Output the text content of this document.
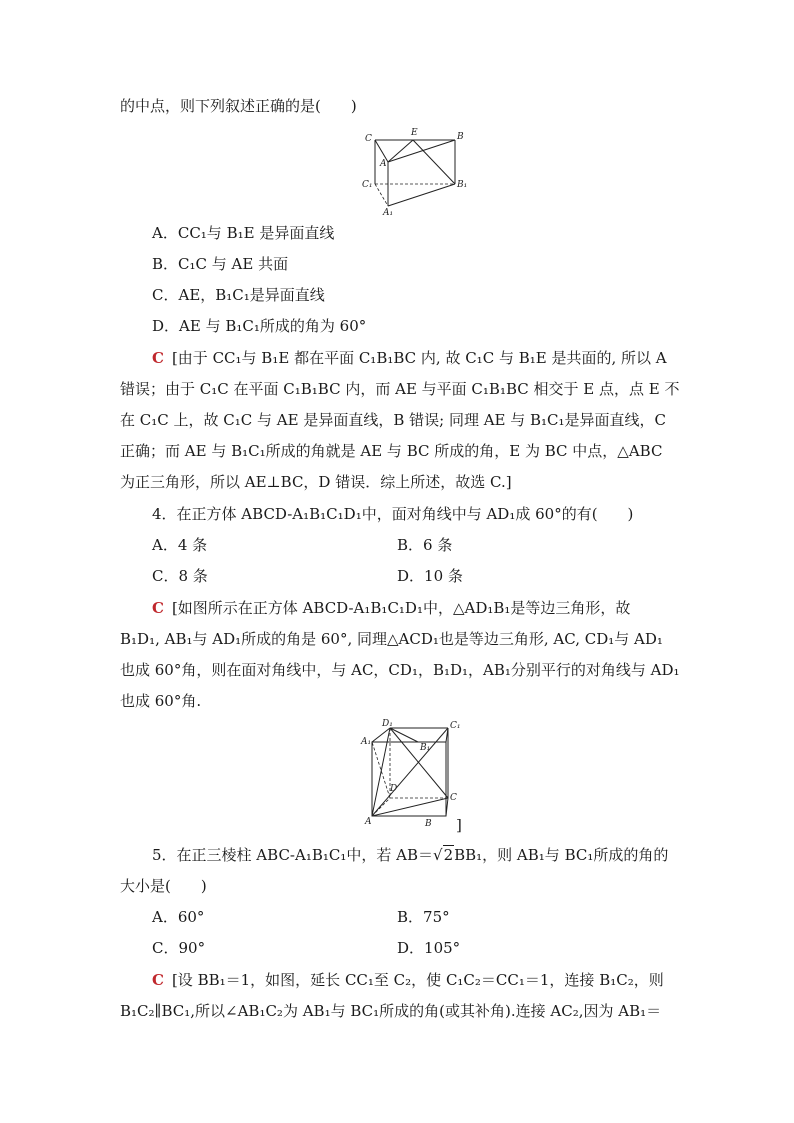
的中点，则下列叙述正确的是(　　)
C
E	B
A
C₁	B₁
A₁
A．CC₁与 B₁E 是异面直线
B．C₁C 与 AE 共面
C．AE，B₁C₁是异面直线
D．AE 与 B₁C₁所成的角为 60°
C [由于 CC₁与 B₁E 都在平面 C₁B₁BC 内, 故 C₁C 与 B₁E 是共面的, 所以 A
错误；由于 C₁C 在平面 C₁B₁BC 内，而 AE 与平面 C₁B₁BC 相交于 E 点，点 E 不
在 C₁C 上，故 C₁C 与 AE 是异面直线，B 错误; 同理 AE 与 B₁C₁是异面直线，C
正确；而 AE 与 B₁C₁所成的角就是 AE 与 BC 所成的角，E 为 BC 中点，△ABC
为正三角形，所以 AE⊥BC，D 错误．综上所述，故选 C.]
4．在正方体 ABCD-A₁B₁C₁D₁中，面对角线中与 AD₁成 60°的有(　　)
A．4 条	B．6 条
C．8 条	D．10 条
C [如图所示在正方体 ABCD-A₁B₁C₁D₁中，△AD₁B₁是等边三角形，故
B₁D₁, AB₁与 AD₁所成的角是 60°, 同理△ACD₁也是等边三角形, AC, CD₁与 AD₁
也成 60°角，则在面对角线中，与 AC，CD₁，B₁D₁，AB₁分别平行的对角线与 AD₁
也成 60°角.
D₁	C₁
A₁
B₁
D
C
A	B ]
5．在正三棱柱 ABC-A₁B₁C₁中，若 AB＝√2BB₁，则 AB₁与 BC₁所成的角的
大小是(　　)
A．60°	B．75°
C．90°	D．105°
C [设 BB₁＝1，如图，延长 CC₁至 C₂，使 C₁C₂＝CC₁＝1，连接 B₁C₂，则
B₁C₂∥BC₁,所以∠AB₁C₂为 AB₁与 BC₁所成的角(或其补角).连接 AC₂,因为 AB₁＝
